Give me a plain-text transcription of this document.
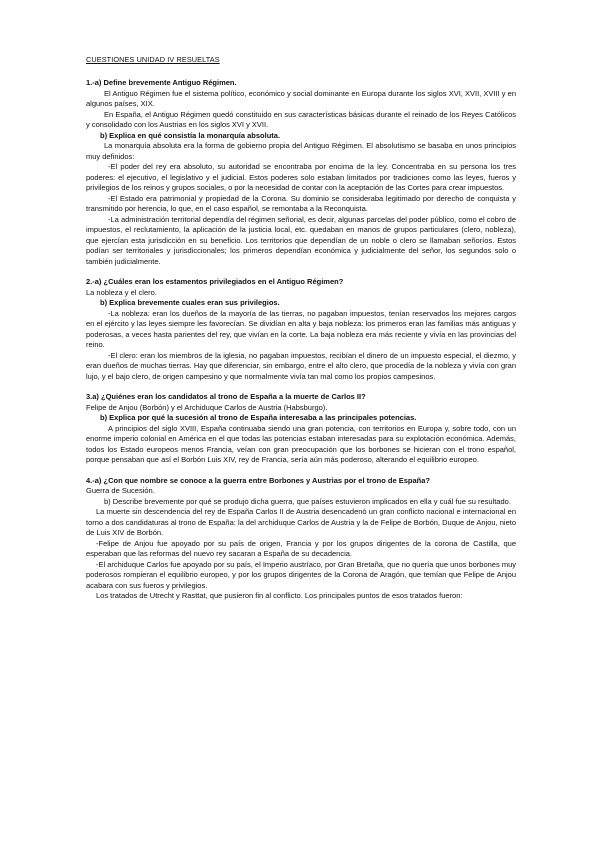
CUESTIONES UNIDAD IV RESUELTAS

1.-a) Define brevemente Antiguo Régimen.

El Antiguo Régimen fue el sistema político, económico y social dominante en Europa durante los siglos XVI, XVII, XVIII y en algunos países, XIX.

En España, el Antiguo Régimen quedó constituido en sus características básicas durante el reinado de los Reyes Católicos y consolidado con los Austrias en los siglos XVI y XVII.

b) Explica en qué consistía la monarquía absoluta.

La monarquía absoluta era la forma de gobierno propia del Antiguo Régimen. El absolutismo se basaba en unos principios muy definidos:

-El poder del rey era absoluto, su autoridad se encontraba por encima de la ley. Concentraba en su persona los tres poderes: el ejecutivo, el legislativo y el judicial. Estos poderes solo estaban limitados por tradiciones como las leyes, fueros y privilegios de los reinos y grupos sociales, o por la necesidad de contar con la aceptación de las Cortes para crear impuestos.

-El Estado era patrimonial y propiedad de la Corona. Su dominio se consideraba legitimado por derecho de conquista y transmitido por herencia, lo que, en el caso español, se remontaba a la Reconquista.

-La administración territorial dependía del régimen señorial, es decir, algunas parcelas del poder público, como el cobro de impuestos, el reclutamiento, la aplicación de la justicia local, etc. quedaban en manos de grupos particulares (clero, nobleza), que ejercían esta jurisdicción en su beneficio. Los territorios que dependían de un noble o clero se llamaban señoríos. Estos podían ser territoriales y jurisdiccionales; los primeros dependían económica y judicialmente del señor, los segundos solo o también judicialmente.

2.-a) ¿Cuáles eran los estamentos privilegiados en el Antiguo Régimen?

La nobleza y el clero.

b) Explica brevemente cuales eran sus privilegios.

-La nobleza: eran los dueños de la mayoría de las tierras, no pagaban impuestos, tenían reservados los mejores cargos en el ejército y las leyes siempre les favorecían. Se dividían en alta y baja nobleza: los primeros eran las familias más antiguas y poderosas, a veces hasta parientes del rey, que vivían en la corte. La baja nobleza era más reciente y vivía en las provincias del reino.

-El clero: eran los miembros de la iglesia, no pagaban impuestos, recibían el dinero de un impuesto especial, el diezmo, y eran dueños de muchas tierras. Hay que diferenciar, sin embargo, entre el alto clero, que procedía de la nobleza y vivía con gran lujo, y el bajo clero, de origen campesino y que normalmente vivía tan mal como los propios campesinos.

3.a) ¿Quiénes eran los candidatos al trono de España a la muerte de Carlos II?

Felipe de Anjou (Borbón) y el Archiduque Carlos de Austria (Habsburgo).

b) Explica por qué la sucesión al trono de España interesaba a las principales potencias.

A principios del siglo XVIII, España continuaba siendo una gran potencia, con territorios en Europa y, sobre todo, con un enorme imperio colonial en América en el que todas las potencias estaban interesadas para su explotación económica. Además, todos los Estado europeos menos Francia, veían con gran preocupación que los borbones se hicieran con el trono español, porque pensaban que así el Borbón Luis XIV, rey de Francia, sería aún más poderoso, alterando el equilibrio europeo.

4.-a) ¿Con que nombre se conoce a la guerra entre Borbones y Austrias por el trono de España?

Guerra de Sucesión.

b) Describe brevemente por qué se produjo dicha guerra, que países estuvieron implicados en ella y cuál fue su resultado.

La muerte sin descendencia del rey de España Carlos II de Austria desencadenó un gran conflicto nacional e internacional en torno a dos candidaturas al trono de España: la del archiduque Carlos de Austria y la de Felipe de Borbón, Duque de Anjou, nieto de Luis XIV de Borbón.

-Felipe de Anjou fue apoyado por su país de origen, Francia y por los grupos dirigentes de la corona de Castilla, que esperaban que las reformas del nuevo rey sacaran a España de su decadencia.

-El archiduque Carlos fue apoyado por su país, el Imperio austríaco, por Gran Bretaña, que no quería que unos borbones muy poderosos rompieran el equilibrio europeo, y por los grupos dirigentes de la Corona de Aragón, que temían que Felipe de Anjou acabara con sus fueros y privilegios.

Los tratados de Utrecht y Rasttat, que pusieron fin al conflicto. Los principales puntos de esos tratados fueron:
